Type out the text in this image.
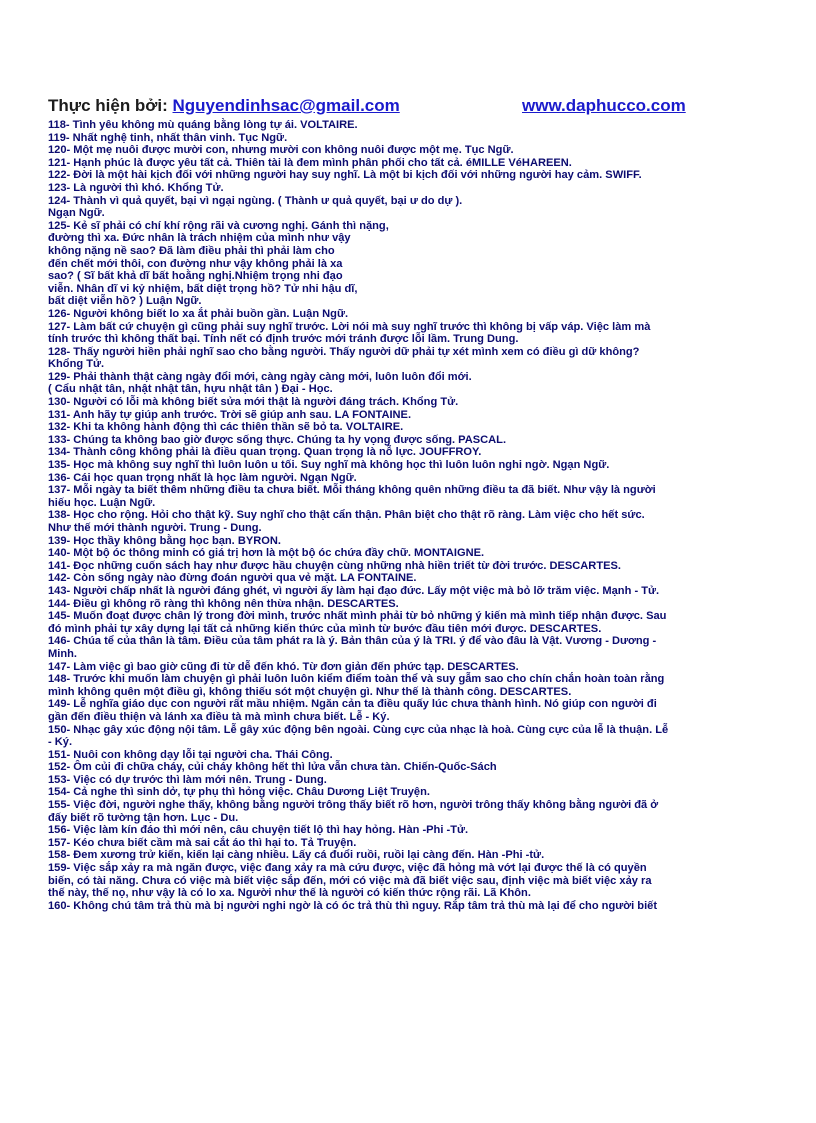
Thực hiện bởi: Nguyendinhsac@gmail.com	www.daphucco.com
118- Tình yêu không mù quáng bằng lòng tự ái. VOLTAIRE.
119- Nhất nghệ tinh, nhất thân vinh. Tục Ngữ.
120- Một mẹ nuôi được mười con, nhưng mười con không nuôi được một mẹ. Tục Ngữ.
121- Hạnh phúc là được yêu tất cả. Thiên tài là đem mình phân phối cho tất cả. éMILLE VéHAREEN.
122- Đời là một hài kịch đối với những người hay suy nghĩ. Là một bi kịch đối với những người hay cảm. SWIFF.
123- Là người thì khó. Khổng Tử.
124- Thành vì quả quyết, bại vì ngại ngùng. ( Thành ư quả quyết, bại ư do dự ).
Ngạn Ngữ.
125- Kẻ sĩ phải có chí khí rộng rãi và cương nghị. Gánh thì nặng,
đường thì xa. Đức nhân là trách nhiệm của mình như vậy
không nặng nề sao? Đã làm điều phải thì phải làm cho
đến chết mới thôi, con đường như vậy không phải là xa
sao? ( Sĩ bất khả dĩ bất hoằng nghị.Nhiệm trọng nhi đạo
viễn. Nhân dĩ vi kỷ nhiệm, bất diệt trọng hồ? Tử nhi hậu dĩ,
bất diệt viễn hồ? ) Luận Ngữ.
126- Người không biết lo xa ắt phải buồn gần. Luận Ngữ.
127- Làm bất cứ chuyện gì cũng phải suy nghĩ trước. Lời nói mà suy nghĩ trước thì không bị vấp váp. Việc làm mà
tính trước thì không thất bại. Tính nết có định trước mới tránh được lỗi lầm. Trung Dung.
128- Thấy người hiền phải nghĩ sao cho bằng người. Thấy người dữ phải tự xét mình xem có điều gì dữ không?
Khổng Tử.
129- Phải thành thật càng ngày đổi mới, càng ngày càng mới, luôn luôn đổi mới.
( Cẩu nhật tân, nhật nhật tân, hựu nhật tân ) Đại - Học.
130- Người có lỗi mà không biết sửa mới thật là người đáng trách. Khổng Tử.
131- Anh hãy tự giúp anh trước. Trời sẽ giúp anh sau. LA FONTAINE.
132- Khi ta không hành động thì các thiên thần sẽ bỏ ta. VOLTAIRE.
133- Chúng ta không bao giờ được sống thực. Chúng ta hy vọng được sống. PASCAL.
134- Thành công không phải là điều quan trọng. Quan trọng là nỗ lực. JOUFFROY.
135- Học mà không suy nghĩ thì luôn luôn u tối. Suy nghĩ mà không học thì luôn luôn nghi ngờ. Ngạn Ngữ.
136- Cái học quan trọng nhất là học làm người. Ngạn Ngữ.
137- Mỗi ngày ta biết thêm những điều ta chưa biết. Mỗi tháng không quên những điều ta đã biết. Như vậy là người
hiếu học. Luận Ngữ.
138- Học cho rộng. Hỏi cho thật kỹ. Suy nghĩ cho thật cẩn thận. Phân biệt cho thật rõ ràng. Làm việc cho hết sức.
Như thế mới thành người. Trung - Dung.
139- Học thầy không bằng học bạn. BYRON.
140- Một bộ óc thông minh có giá trị hơn là một bộ óc chứa đầy chữ. MONTAIGNE.
141- Đọc những cuốn sách hay như được hầu chuyện cùng những nhà hiền triết từ đời trước. DESCARTES.
142- Còn sống ngày nào đừng đoán người qua vẻ mặt. LA FONTAINE.
143- Người chấp nhất là người đáng ghét, vì người ấy làm hại đạo đức. Lấy một việc mà bỏ lỡ trăm việc. Mạnh - Tử.
144- Điều gì không rõ ràng thì không nên thừa nhận. DESCARTES.
145- Muốn đoạt được chân lý trong đời mình, trước nhất mình phải từ bỏ những ý kiến mà mình tiếp nhận được. Sau
đó mình phải tự xây dựng lại tất cả những kiến thức của mình từ bước đầu tiên mới được. DESCARTES.
146- Chúa tể của thân là tâm. Điều của tâm phát ra là ý. Bản thân của ý là TRI. ý để vào đâu là Vật. Vương - Dương -
Minh.
147- Làm việc gì bao giờ cũng đi từ dễ đến khó. Từ đơn giản đến phức tạp. DESCARTES.
148- Trước khi muốn làm chuyện gì phải luôn luôn kiểm điểm toàn thể và suy gẫm sao cho chín chắn hoàn toàn rằng
mình không quên một điều gì, không thiếu sót một chuyện gì. Như thế là thành công. DESCARTES.
149- Lễ nghĩa giáo dục con người rất mầu nhiệm. Ngăn cản ta điều quấy lúc chưa thành hình. Nó giúp con người đi
gần đến điều thiện và lánh xa điều tà mà mình chưa biết. Lễ - Ký.
150- Nhạc gây xúc động nội tâm. Lễ gây xúc động bên ngoài. Cùng cực của nhạc là hoà. Cùng cực của lễ là thuận. Lễ
- Ký.
151- Nuôi con không dạy lỗi tại người cha. Thái Công.
152- Ôm củi đi chữa cháy, củi cháy không hết thì lửa vẫn chưa tàn. Chiến-Quốc-Sách
153- Việc có dự trước thì làm mới nên. Trung - Dung.
154- Cả nghe thì sinh dở, tự phụ thì hỏng việc. Châu Dương Liệt Truyện.
155- Việc đời, người nghe thấy, không bằng người trông thấy biết rõ hơn, người trông thấy không bằng người đã ở
đấy biết rõ tường tận hơn. Lục - Du.
156- Việc làm kín đáo thì mới nên, câu chuyện tiết lộ thì hay hỏng. Hàn -Phi -Tử.
157- Kéo chưa biết cầm mà sai cắt áo thì hại to. Tả Truyện.
158- Đem xương trử kiến, kiến lại càng nhiều. Lấy cá đuổi ruồi, ruồi lại càng đến. Hàn -Phi -tử.
159- Việc sắp xảy ra mà ngăn được, việc đang xảy ra mà cứu được, việc đã hỏng mà vớt lại được thế là có quyền
biến, có tài năng. Chưa có việc mà biết việc sắp đến, mới có việc mà đã biết việc sau, định việc mà biết việc xảy ra
thế này, thế nọ, như vậy là có lo xa. Người như thế là người có kiến thức rộng rãi. Lã Khôn.
160- Không chú tâm trả thù mà bị người nghi ngờ là có óc trả thù thì nguy. Rắp tâm trả thù mà lại để cho người biết
